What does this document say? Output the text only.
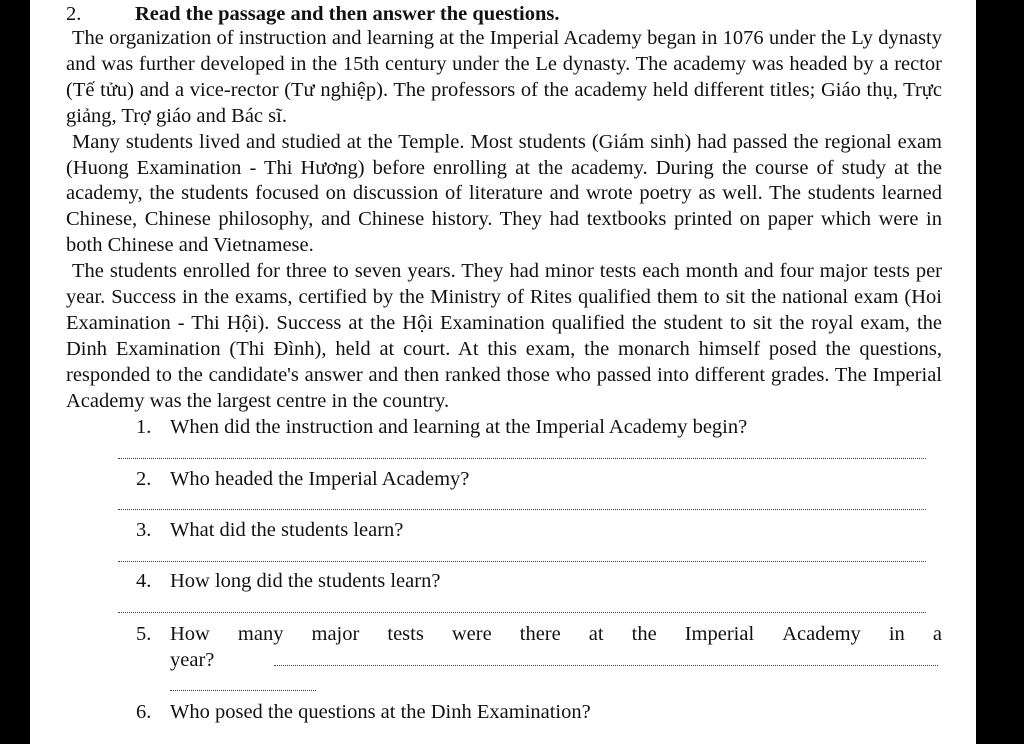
2.	Read the passage and then answer the questions.

The organization of instruction and learning at the Imperial Academy began in 1076 under the Ly dynasty and was further developed in the 15th century under the Le dynasty. The academy was headed by a rector (Tế tửu) and a vice-rector (Tư nghiệp). The professors of the academy held different titles; Giáo thụ, Trực giảng, Trợ giáo and Bác sĩ.

Many students lived and studied at the Temple. Most students (Giám sinh) had passed the regional exam (Huong Examination - Thi Hương) before enrolling at the academy. During the course of study at the academy, the students focused on discussion of literature and wrote poetry as well. The students learned Chinese, Chinese philosophy, and Chinese history. They had textbooks printed on paper which were in both Chinese and Vietnamese.

The students enrolled for three to seven years. They had minor tests each month and four major tests per year. Success in the exams, certified by the Ministry of Rites qualified them to sit the national exam (Hoi Examination - Thi Hội). Success at the Hội Examination qualified the student to sit the royal exam, the Dinh Examination (Thi Đình), held at court. At this exam, the monarch himself posed the questions, responded to the candidate's answer and then ranked those who passed into different grades. The Imperial Academy was the largest centre in the country.

1. When did the instruction and learning at the Imperial Academy begin?
2. Who headed the Imperial Academy?
3. What did the students learn?
4. How long did the students learn?
5. How many major tests were there at the Imperial Academy in a
year?
6. Who posed the questions at the Dinh Examination?
